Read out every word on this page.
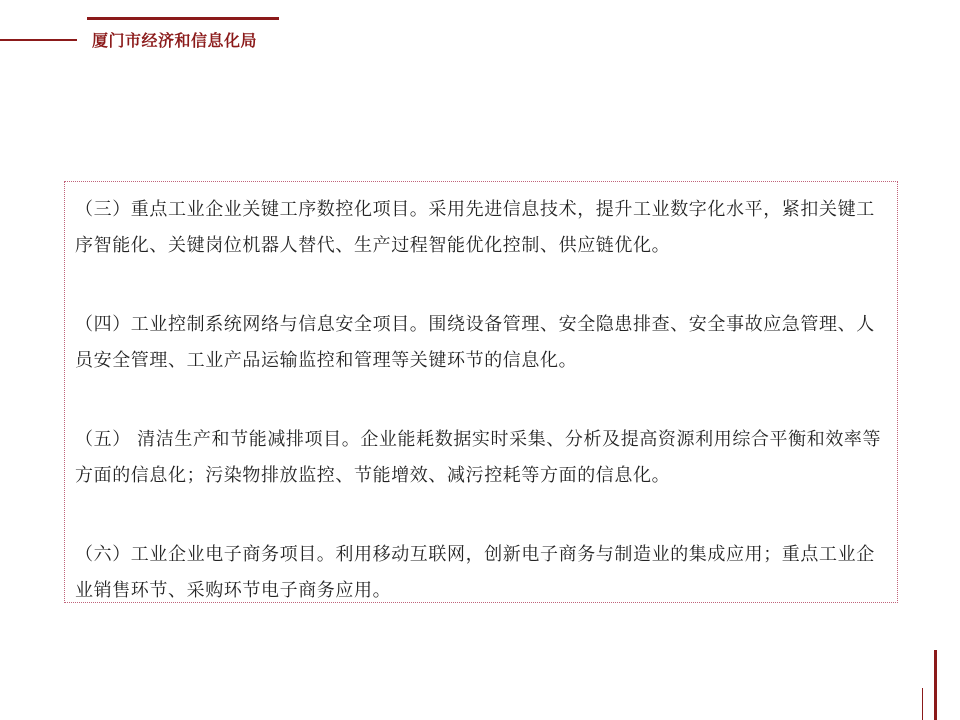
厦门市经济和信息化局

（三）重点工业企业关键工序数控化项目。采用先进信息技术，提升工业数字化水平，紧扣关键工序智能化、关键岗位机器人替代、生产过程智能优化控制、供应链优化。

（四）工业控制系统网络与信息安全项目。围绕设备管理、安全隐患排查、安全事故应急管理、人员安全管理、工业产品运输监控和管理等关键环节的信息化。

（五） 清洁生产和节能减排项目。企业能耗数据实时采集、分析及提高资源利用综合平衡和效率等方面的信息化；污染物排放监控、节能增效、减污控耗等方面的信息化。

（六）工业企业电子商务项目。利用移动互联网，创新电子商务与制造业的集成应用；重点工业企业销售环节、采购环节电子商务应用。
